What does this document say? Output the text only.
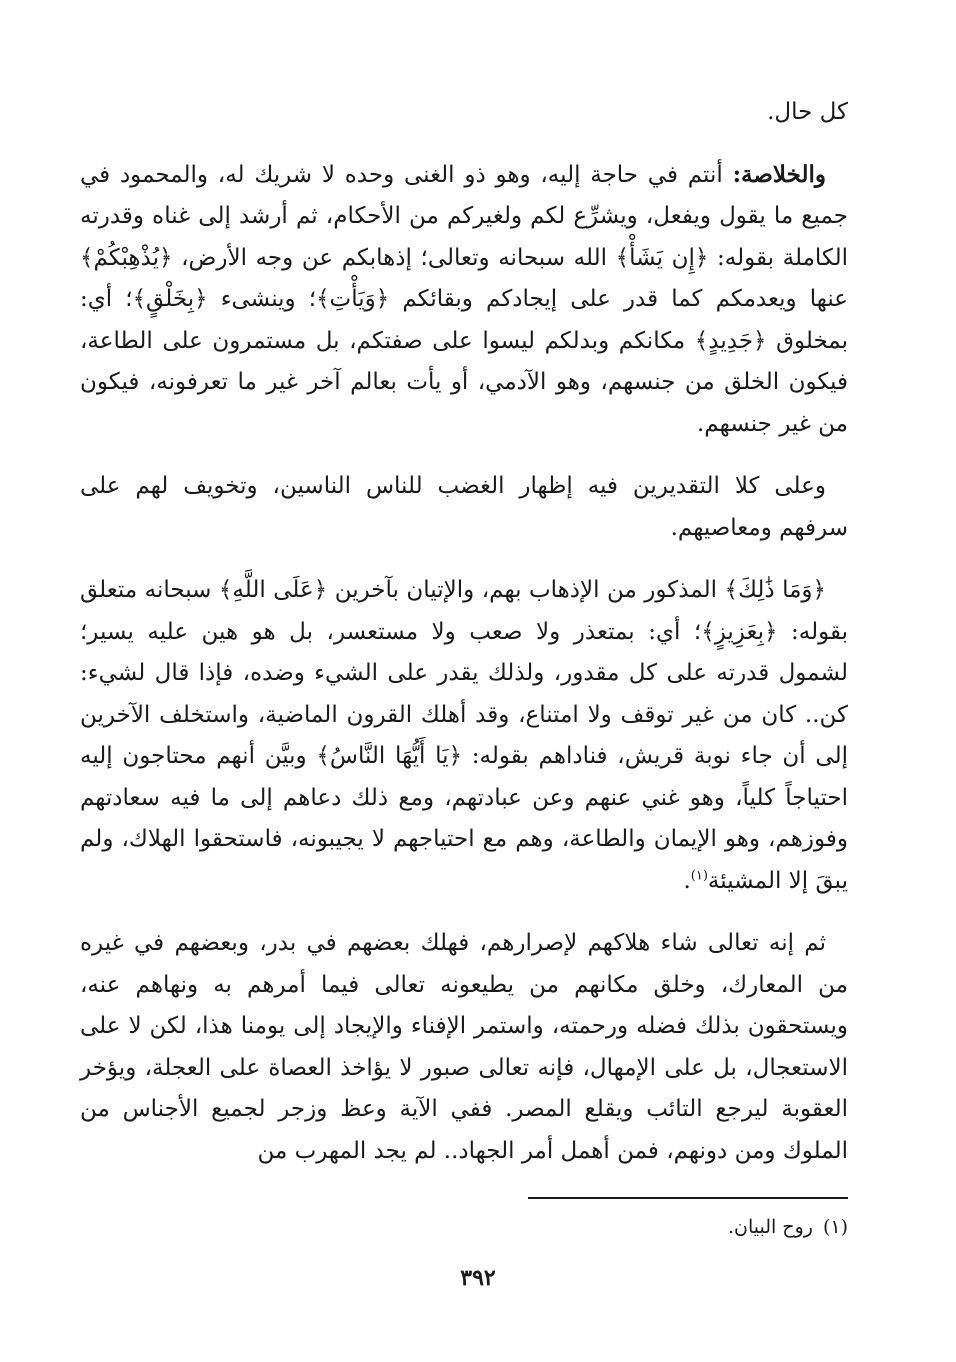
كل حال.

والخلاصة: أنتم في حاجة إليه، وهو ذو الغنى وحده لا شريك له، والمحمود في جميع ما يقول ويفعل، ويشرِّع لكم ولغيركم من الأحكام، ثم أرشد إلى غناه وقدرته الكاملة بقوله: ﴿إِن يَشَأْ﴾ الله سبحانه وتعالى؛ إذهابكم عن وجه الأرض، ﴿يُذْهِبْكُمْ﴾ عنها ويعدمكم كما قدر على إيجادكم وبقائكم ﴿وَيَأْتِ﴾؛ وينشىء ﴿بِخَلْقٍ﴾؛ أي: بمخلوق ﴿جَدِيدٍ﴾ مكانكم وبدلكم ليسوا على صفتكم، بل مستمرون على الطاعة، فيكون الخلق من جنسهم، وهو الآدمي، أو يأت بعالم آخر غير ما تعرفونه، فيكون من غير جنسهم.

وعلى كلا التقديرين فيه إظهار الغضب للناس الناسين، وتخويف لهم على سرفهم ومعاصيهم.

﴿وَمَا ذَٰلِكَ﴾ المذكور من الإذهاب بهم، والإتيان بآخرين ﴿عَلَى اللَّهِ﴾ سبحانه متعلق بقوله: ﴿بِعَزِيزٍ﴾؛ أي: بمتعذر ولا صعب ولا مستعسر، بل هو هين عليه يسير؛ لشمول قدرته على كل مقدور، ولذلك يقدر على الشيء وضده، فإذا قال لشيء: كن.. كان من غير توقف ولا امتناع، وقد أهلك القرون الماضية، واستخلف الآخرين إلى أن جاء نوبة قريش، فناداهم بقوله: ﴿يَا أَيُّهَا النَّاسُ﴾ وبيَّن أنهم محتاجون إليه احتياجاً كلياً، وهو غني عنهم وعن عبادتهم، ومع ذلك دعاهم إلى ما فيه سعادتهم وفوزهم، وهو الإيمان والطاعة، وهم مع احتياجهم لا يجيبونه، فاستحقوا الهلاك، ولم يبقَ إلا المشيئة$^{(١)}$.

ثم إنه تعالى شاء هلاكهم لإصرارهم، فهلك بعضهم في بدر، وبعضهم في غيره من المعارك، وخلق مكانهم من يطيعونه تعالى فيما أمرهم به ونهاهم عنه، ويستحقون بذلك فضله ورحمته، واستمر الإفناء والإيجاد إلى يومنا هذا، لكن لا على الاستعجال، بل على الإمهال، فإنه تعالى صبور لا يؤاخذ العصاة على العجلة، ويؤخر العقوبة ليرجع التائب ويقلع المصر. ففي الآية وعظ وزجر لجميع الأجناس من الملوك ومن دونهم، فمن أهمل أمر الجهاد.. لم يجد المهرب من

(١)روح البيان.
٣٩٢
